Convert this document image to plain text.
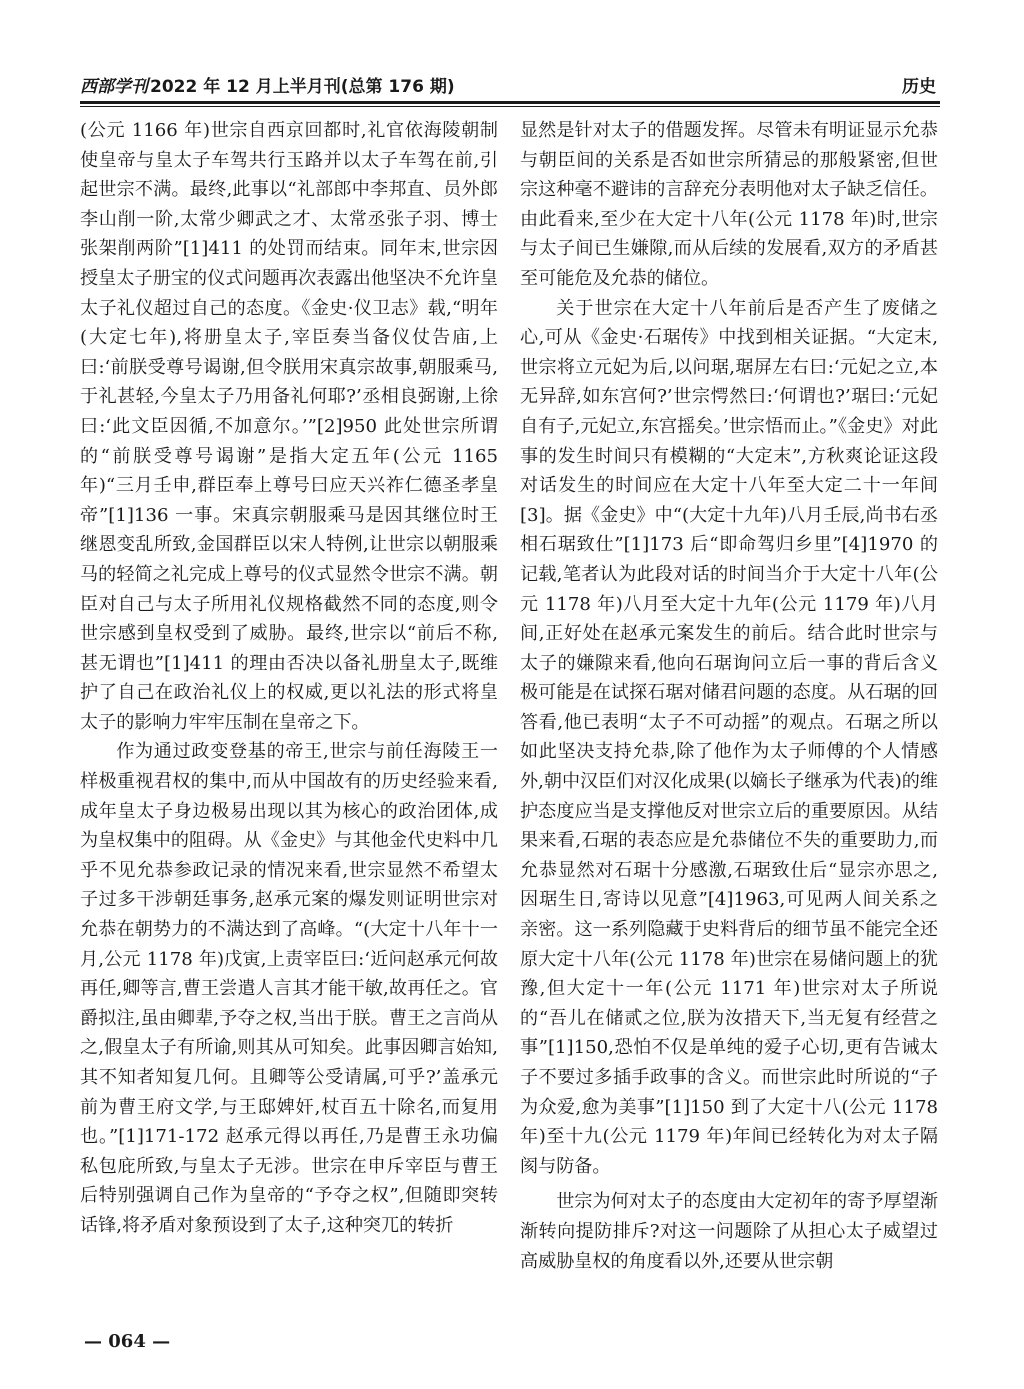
西部学刊 2022 年 12 月上半月刊(总第 176 期)	历史

(公元 1166 年)世宗自西京回都时,礼官依海陵朝制使皇帝与皇太子车驾共行玉路并以太子车驾在前,引起世宗不满。最终,此事以“礼部郎中李邦直、员外郎李山削一阶,太常少卿武之才、太常丞张子羽、博士张架削两阶”[1]411 的处罚而结束。同年末,世宗因授皇太子册宝的仪式问题再次表露出他坚决不允许皇太子礼仪超过自己的态度。《金史·仪卫志》载,“明年(大定七年),将册皇太子,宰臣奏当备仪仗告庙,上曰:‘前朕受尊号谒谢,但令朕用宋真宗故事,朝服乘马,于礼甚轻,今皇太子乃用备礼何耶?’丞相良弼谢,上徐曰:‘此文臣因循,不加意尔。’”[2]950 此处世宗所谓的“前朕受尊号谒谢”是指大定五年(公元 1165 年)“三月壬申,群臣奉上尊号曰应天兴祚仁德圣孝皇帝”[1]136 一事。宋真宗朝服乘马是因其继位时王继恩变乱所致,金国群臣以宋人特例,让世宗以朝服乘马的轻简之礼完成上尊号的仪式显然令世宗不满。朝臣对自己与太子所用礼仪规格截然不同的态度,则令世宗感到皇权受到了威胁。最终,世宗以“前后不称,甚无谓也”[1]411 的理由否决以备礼册皇太子,既维护了自己在政治礼仪上的权威,更以礼法的形式将皇太子的影响力牢牢压制在皇帝之下。

作为通过政变登基的帝王,世宗与前任海陵王一样极重视君权的集中,而从中国故有的历史经验来看,成年皇太子身边极易出现以其为核心的政治团体,成为皇权集中的阻碍。从《金史》与其他金代史料中几乎不见允恭参政记录的情况来看,世宗显然不希望太子过多干涉朝廷事务,赵承元案的爆发则证明世宗对允恭在朝势力的不满达到了高峰。“(大定十八年十一月,公元 1178 年)戊寅,上责宰臣曰:‘近问赵承元何故再任,卿等言,曹王尝遣人言其才能干敏,故再任之。官爵拟注,虽由卿辈,予夺之权,当出于朕。曹王之言尚从之,假皇太子有所谕,则其从可知矣。此事因卿言始知,其不知者知复几何。且卿等公受请属,可乎?’盖承元前为曹王府文学,与王邸婢奸,杖百五十除名,而复用也。”[1]171-172 赵承元得以再任,乃是曹王永功偏私包庇所致,与皇太子无涉。世宗在申斥宰臣与曹王后特别强调自己作为皇帝的“予夺之权”,但随即突转话锋,将矛盾对象预设到了太子,这种突兀的转折

显然是针对太子的借题发挥。尽管未有明证显示允恭与朝臣间的关系是否如世宗所猜忌的那般紧密,但世宗这种毫不避讳的言辞充分表明他对太子缺乏信任。由此看来,至少在大定十八年(公元 1178 年)时,世宗与太子间已生嫌隙,而从后续的发展看,双方的矛盾甚至可能危及允恭的储位。

关于世宗在大定十八年前后是否产生了废储之心,可从《金史·石琚传》中找到相关证据。“大定末,世宗将立元妃为后,以问琚,琚屏左右曰:‘元妃之立,本无异辞,如东宫何?’世宗愕然曰:‘何谓也?’琚曰:‘元妃自有子,元妃立,东宫摇矣。’世宗悟而止。”《金史》对此事的发生时间只有模糊的“大定末”,方秋爽论证这段对话发生的时间应在大定十八年至大定二十一年间[3]。据《金史》中“(大定十九年)八月壬辰,尚书右丞相石琚致仕”[1]173 后“即命驾归乡里”[4]1970 的记载,笔者认为此段对话的时间当介于大定十八年(公元 1178 年)八月至大定十九年(公元 1179 年)八月间,正好处在赵承元案发生的前后。结合此时世宗与太子的嫌隙来看,他向石琚询问立后一事的背后含义极可能是在试探石琚对储君问题的态度。从石琚的回答看,他已表明“太子不可动摇”的观点。石琚之所以如此坚决支持允恭,除了他作为太子师傅的个人情感外,朝中汉臣们对汉化成果(以嫡长子继承为代表)的维护态度应当是支撑他反对世宗立后的重要原因。从结果来看,石琚的表态应是允恭储位不失的重要助力,而允恭显然对石琚十分感激,石琚致仕后“显宗亦思之,因琚生日,寄诗以见意”[4]1963,可见两人间关系之亲密。这一系列隐藏于史料背后的细节虽不能完全还原大定十八年(公元 1178 年)世宗在易储问题上的犹豫,但大定十一年(公元 1171 年)世宗对太子所说的“吾儿在储贰之位,朕为汝措天下,当无复有经营之事”[1]150,恐怕不仅是单纯的爱子心切,更有告诫太子不要过多插手政事的含义。而世宗此时所说的“子为众爱,愈为美事”[1]150 到了大定十八(公元 1178 年)至十九(公元 1179 年)年间已经转化为对太子隔阂与防备。

世宗为何对太子的态度由大定初年的寄予厚望渐渐转向提防排斥?对这一问题除了从担心太子威望过高威胁皇权的角度看以外,还要从世宗朝

— 064 —
